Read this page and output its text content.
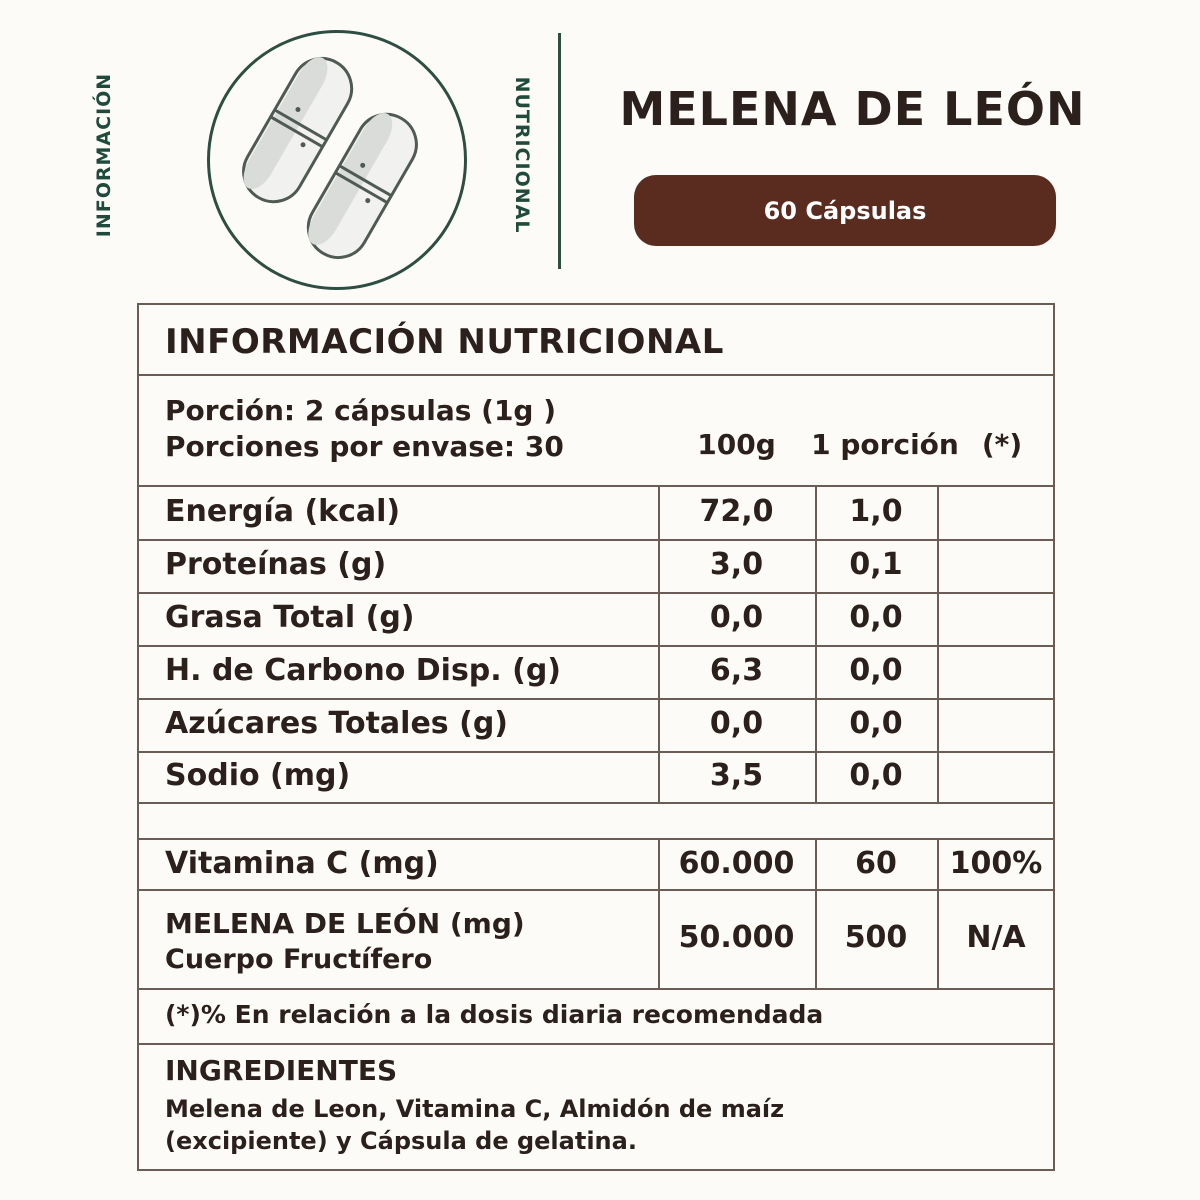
INFORMACIÓN	NUTRICIONAL	MELENA DE LEÓN
60 Cápsulas
INFORMACIÓN NUTRICIONAL
Porción: 2 cápsulas (1g )
Porciones por envase: 30	100g	1 porción (*)
Energía (kcal)	72,0	1,0
Proteínas (g)	3,0	0,1
Grasa Total (g)	0,0	0,0
H. de Carbono Disp. (g)	6,3	0,0
Azúcares Totales (g)	0,0	0,0
Sodio (mg)	3,5	0,0
Vitamina C (mg)	60.000	60	100%
MELENA DE LEÓN (mg)
Cuerpo Fructífero
50.000	500	N/A
(*)% En relación a la dosis diaria recomendada
INGREDIENTES
Melena de Leon, Vitamina C, Almidón de maíz
(excipiente) y Cápsula de gelatina.
